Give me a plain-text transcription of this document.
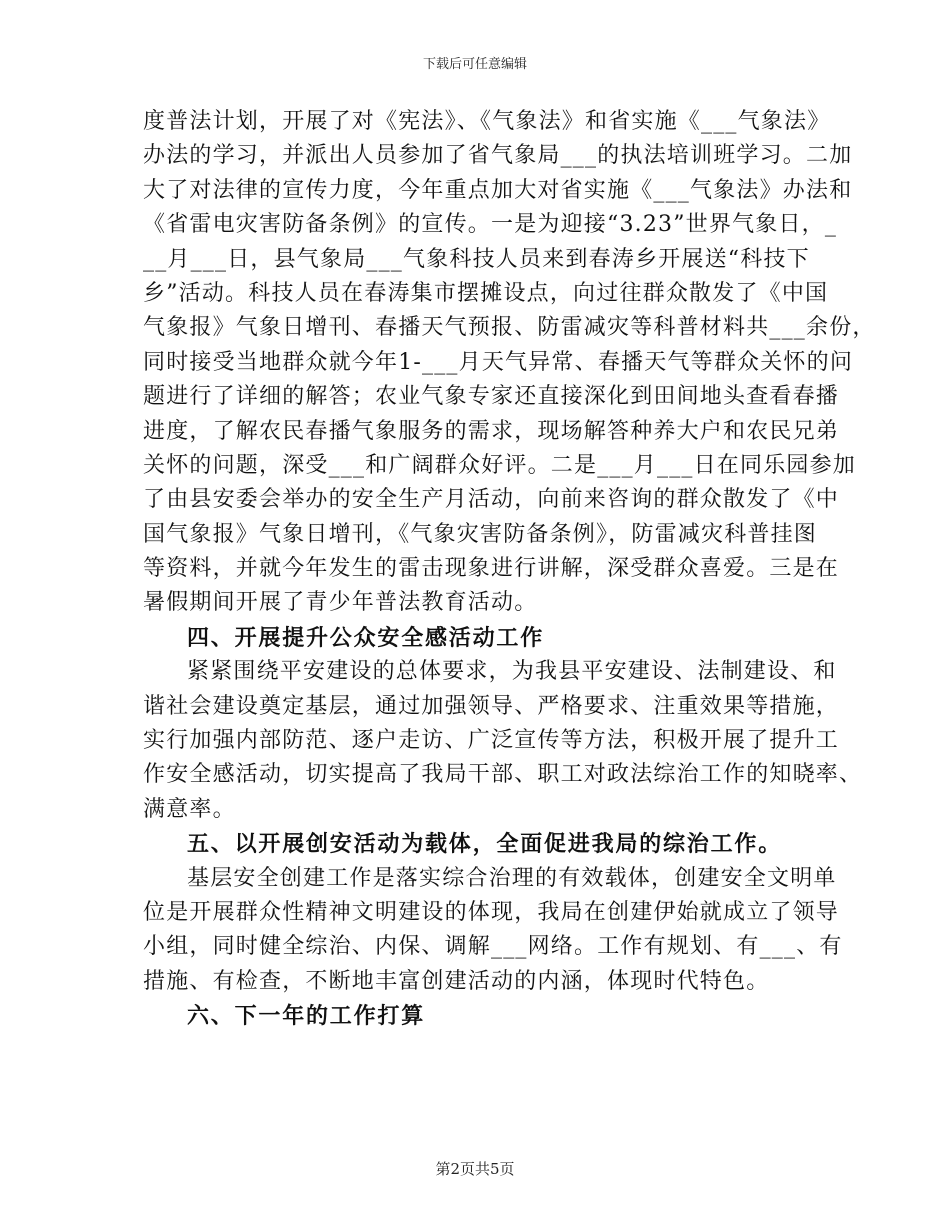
下载后可任意编辑
度普法计划，开展了对《宪法》、《气象法》和省实施《___气象法》
办法的学习，并派出人员参加了省气象局___的执法培训班学习。二加
大了对法律的宣传力度，今年重点加大对省实施《___气象法》办法和
《省雷电灾害防备条例》的宣传。一是为迎接“3.23”世界气象日，_
__月___日，县气象局___气象科技人员来到春涛乡开展送“科技下
乡”活动。科技人员在春涛集市摆摊设点，向过往群众散发了《中国
气象报》气象日增刊、春播天气预报、防雷减灾等科普材料共___余份，
同时接受当地群众就今年1-___月天气异常、春播天气等群众关怀的问
题进行了详细的解答；农业气象专家还直接深化到田间地头查看春播
进度，了解农民春播气象服务的需求，现场解答种养大户和农民兄弟
关怀的问题，深受___和广阔群众好评。二是___月___日在同乐园参加
了由县安委会举办的安全生产月活动，向前来咨询的群众散发了《中
国气象报》气象日增刊，《气象灾害防备条例》，防雷减灾科普挂图
等资料，并就今年发生的雷击现象进行讲解，深受群众喜爱。三是在
暑假期间开展了青少年普法教育活动。
四、开展提升公众安全感活动工作
紧紧围绕平安建设的总体要求，为我县平安建设、法制建设、和
谐社会建设奠定基层，通过加强领导、严格要求、注重效果等措施，
实行加强内部防范、逐户走访、广泛宣传等方法，积极开展了提升工
作安全感活动，切实提高了我局干部、职工对政法综治工作的知晓率、
满意率。
五、以开展创安活动为载体，全面促进我局的综治工作。
基层安全创建工作是落实综合治理的有效载体，创建安全文明单
位是开展群众性精神文明建设的体现，我局在创建伊始就成立了领导
小组，同时健全综治、内保、调解___网络。工作有规划、有___、有
措施、有检查，不断地丰富创建活动的内涵，体现时代特色。
六、下一年的工作打算
第2页共5页
